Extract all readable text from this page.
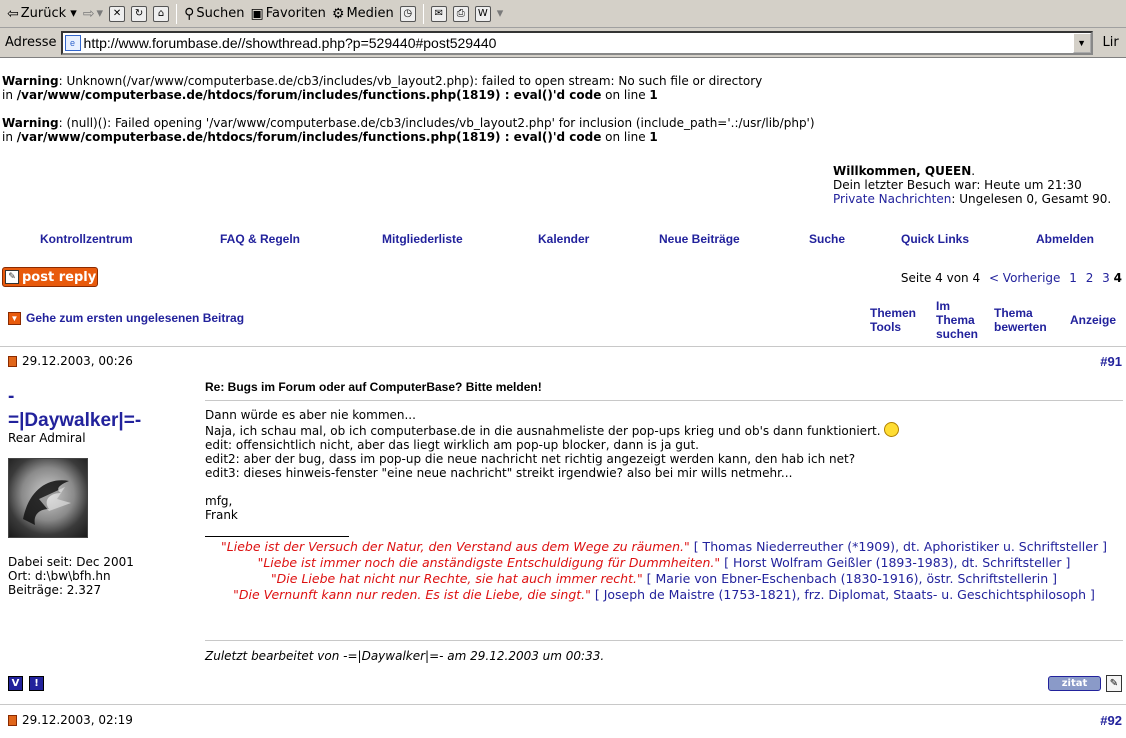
⇦ Zurück ▾ ⇨ ▾ ✕	↻	⌂	⚲ Suchen ▣ Favoriten ⚙ Medien ◷	✉	⎙	W ▾
Adresse	e http://www.forumbase.de//showthread.php?p=529440#post529440	▼	Lir
Warning: Unknown(/var/www/computerbase.de/cb3/includes/vb_layout2.php): failed to open stream: No such file or directory
in /var/www/computerbase.de/htdocs/forum/includes/functions.php(1819) : eval()'d code on line 1
Warning: (null)(): Failed opening '/var/www/computerbase.de/cb3/includes/vb_layout2.php' for inclusion (include_path='.:/usr/lib/php')
in /var/www/computerbase.de/htdocs/forum/includes/functions.php(1819) : eval()'d code on line 1
Willkommen, QUEEN.
Dein letzter Besuch war: Heute um 21:30
Private Nachrichten: Ungelesen 0, Gesamt 90.
Kontrollzentrum	FAQ & Regeln	Mitgliederliste	Kalender	Neue Beiträge	Suche	Quick Links	Abmelden
✎ post reply	Seite 4 von 4 < Vorherige 1 2 3 4
▼ Gehe zum ersten ungelesenen Beitrag	Themen
Tools
Im
Thema
suchen
Thema
bewerten Anzeige
29.12.2003, 00:26	#91
-
=|Daywalker|=-
Rear Admiral
Dabei seit: Dec 2001
Ort: d:\bw\bfh.hn
Beiträge: 2.327
Re: Bugs im Forum oder auf ComputerBase? Bitte melden!
Dann würde es aber nie kommen...
Naja, ich schau mal, ob ich computerbase.de in die ausnahmeliste der pop-ups krieg und ob's dann funktioniert.
edit: offensichtlich nicht, aber das liegt wirklich am pop-up blocker, dann is ja gut.
edit2: aber der bug, dass im pop-up die neue nachricht net richtig angezeigt werden kann, den hab ich net?
edit3: dieses hinweis-fenster "eine neue nachricht" streikt irgendwie? also bei mir wills netmehr...

mfg,
Frank
"Liebe ist der Versuch der Natur, den Verstand aus dem Wege zu räumen." [ Thomas Niederreuther (*1909), dt. Aphoristiker u. Schriftsteller ]
"Liebe ist immer noch die anständigste Entschuldigung für Dummheiten." [ Horst Wolfram Geißler (1893-1983), dt. Schriftsteller ]
"Die Liebe hat nicht nur Rechte, sie hat auch immer recht." [ Marie von Ebner-Eschenbach (1830-1916), östr. Schriftstellerin ]
"Die Vernunft kann nur reden. Es ist die Liebe, die singt." [ Joseph de Maistre (1753-1821), frz. Diplomat, Staats- u. Geschichtsphilosoph ]
Zuletzt bearbeitet von -=|Daywalker|=- am 29.12.2003 um 00:33.
V	!	zitat	✎
29.12.2003, 02:19	#92
